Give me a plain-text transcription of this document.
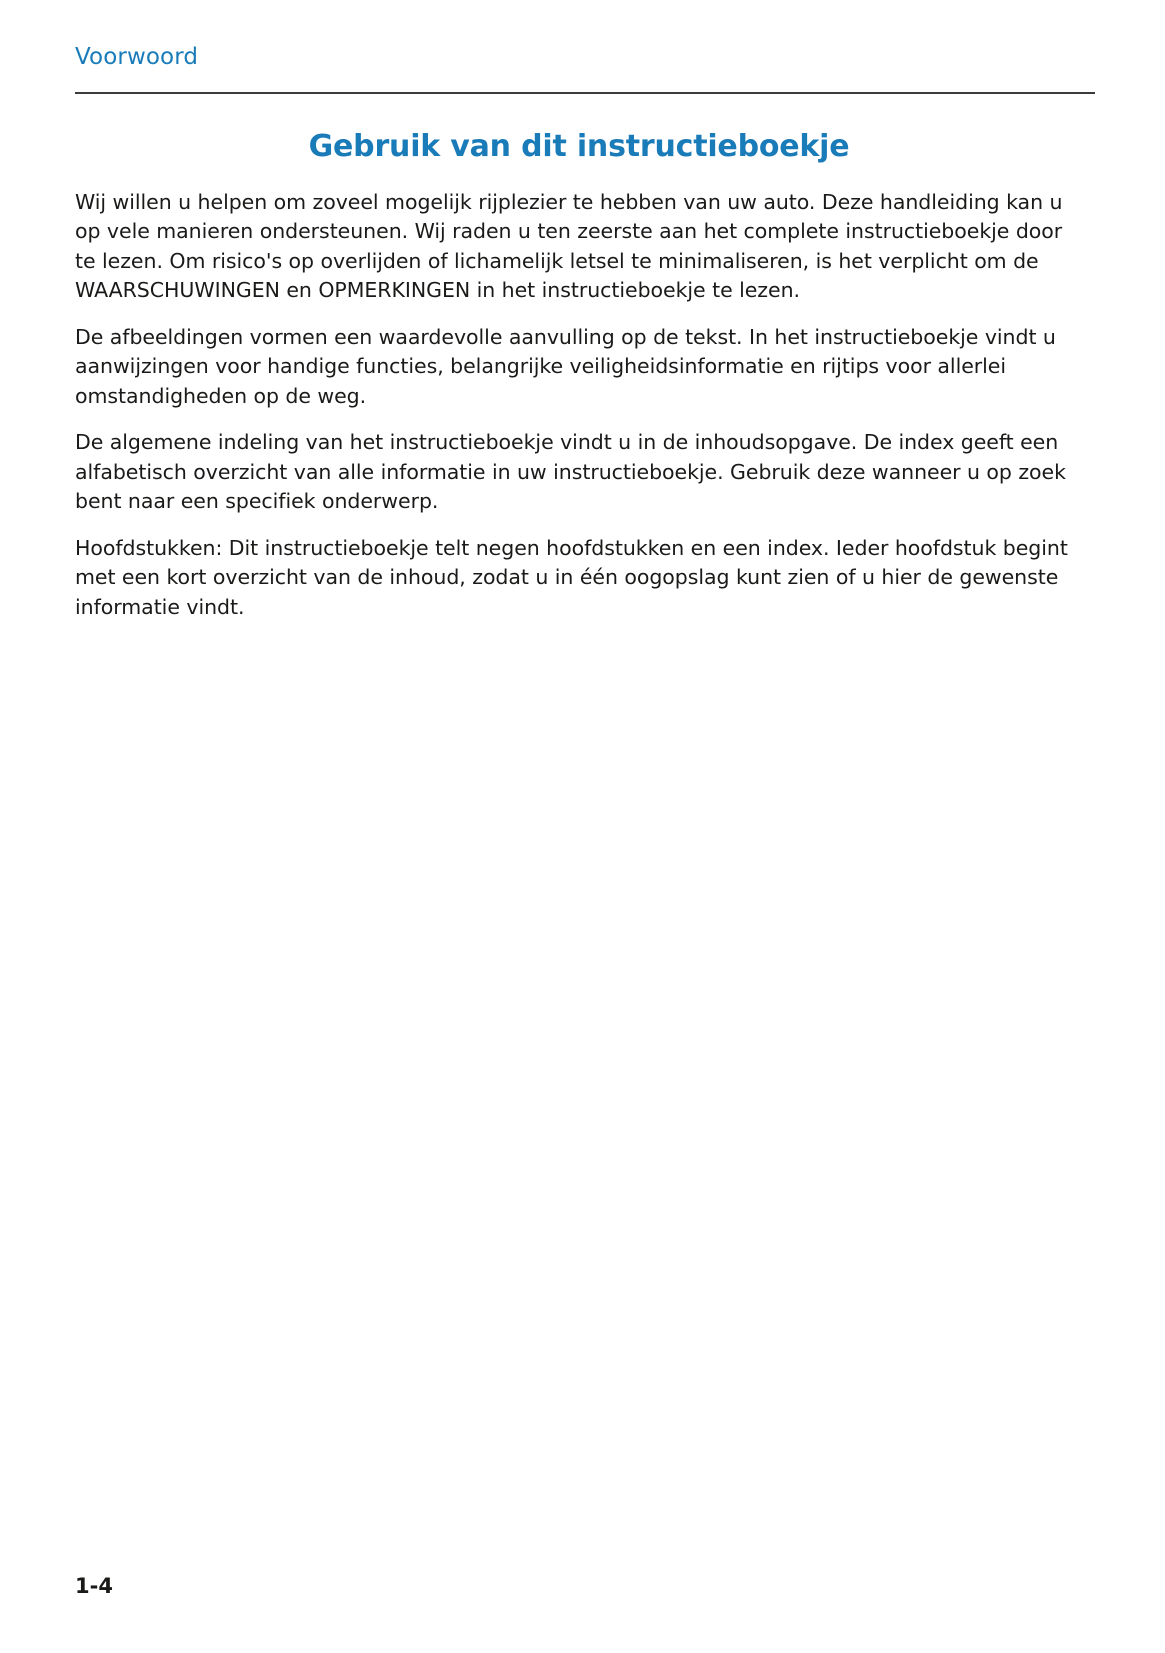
Voorwoord
Gebruik van dit instructieboekje

Wij willen u helpen om zoveel mogelijk rijplezier te hebben van uw auto. Deze handleiding kan u op vele manieren ondersteunen. Wij raden u ten zeerste aan het complete instructieboekje door te lezen. Om risico's op overlijden of lichamelijk letsel te minimaliseren, is het verplicht om de WAARSCHUWINGEN en OPMERKINGEN in het instructieboekje te lezen.

De afbeeldingen vormen een waardevolle aanvulling op de tekst. In het instructieboekje vindt u aanwijzingen voor handige functies, belangrijke veiligheidsinformatie en rijtips voor allerlei omstandigheden op de weg.

De algemene indeling van het instructieboekje vindt u in de inhoudsopgave. De index geeft een alfabetisch overzicht van alle informatie in uw instructieboekje. Gebruik deze wanneer u op zoek bent naar een specifiek onderwerp.

Hoofdstukken: Dit instructieboekje telt negen hoofdstukken en een index. Ieder hoofdstuk begint met een kort overzicht van de inhoud, zodat u in één oogopslag kunt zien of u hier de gewenste informatie vindt.

1-4
